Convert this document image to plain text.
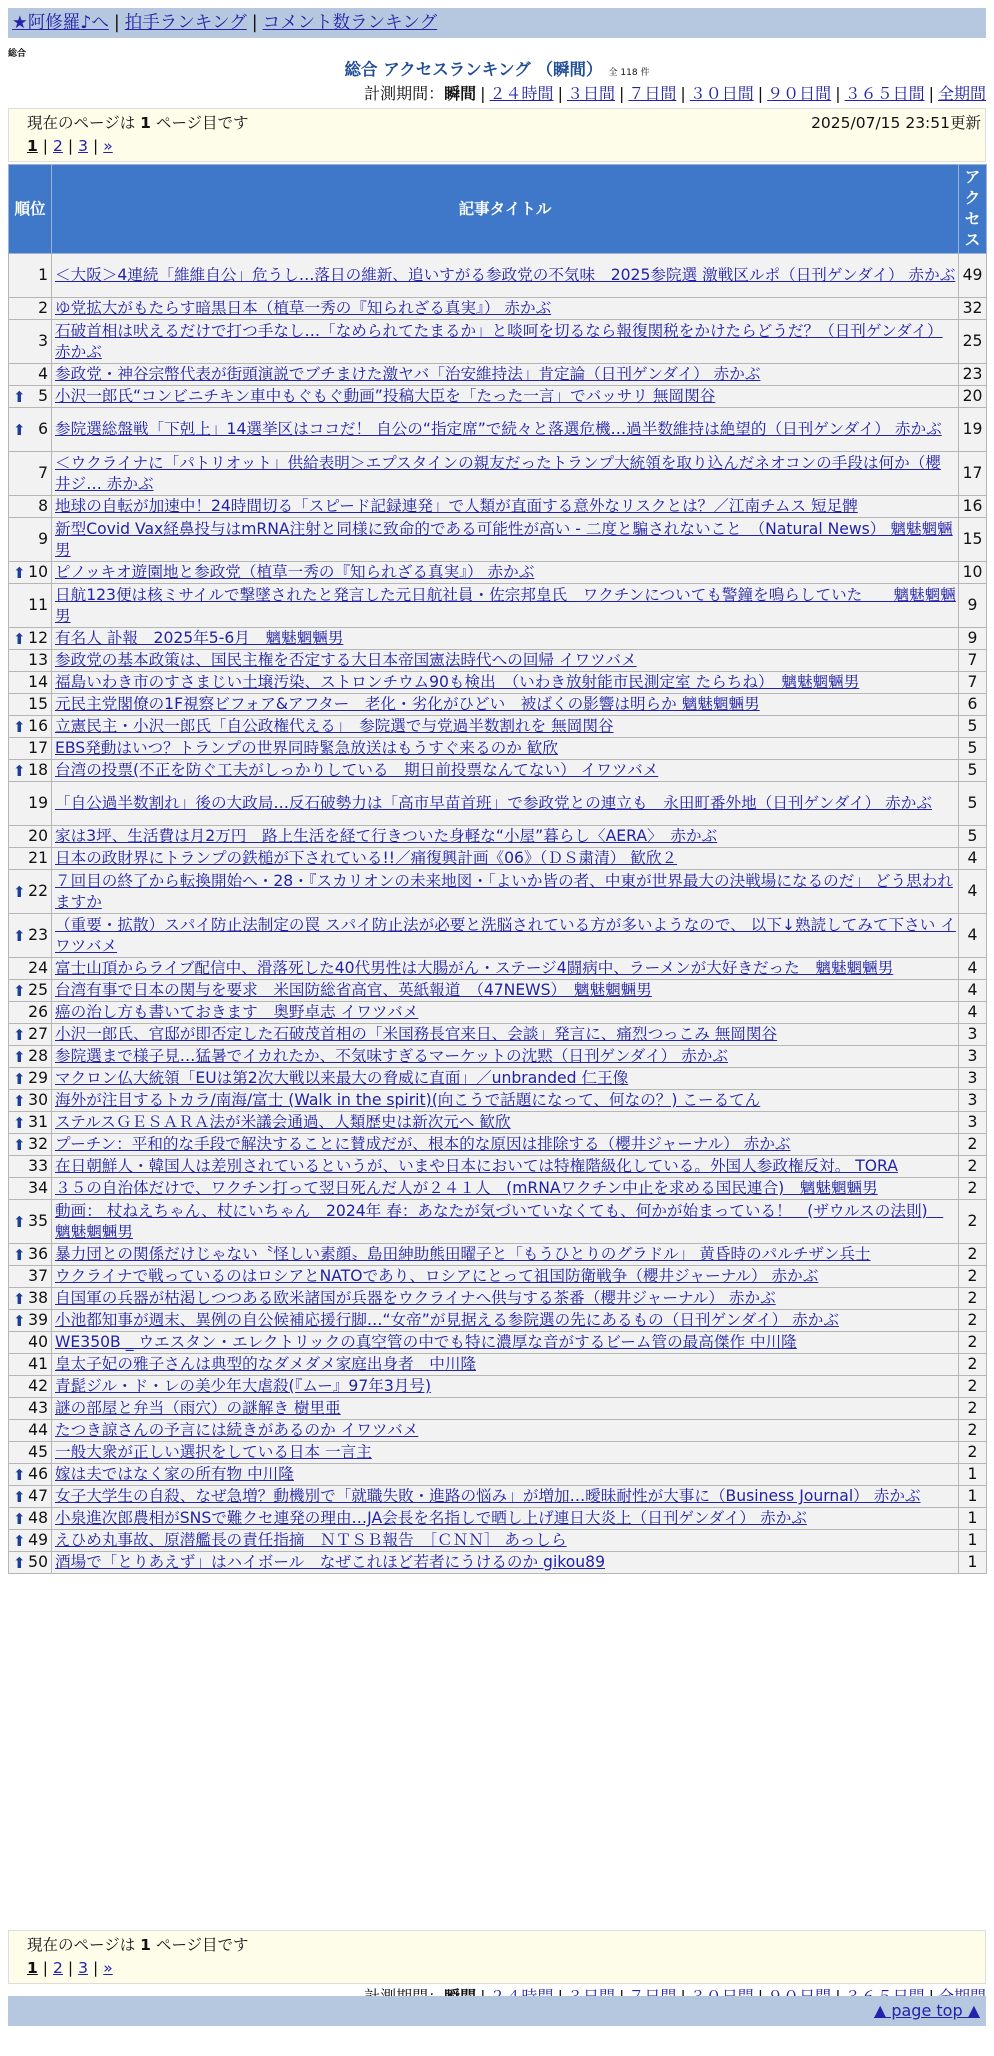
★阿修羅♪へ | 拍手ランキング | コメント数ランキング
総合
総合 アクセスランキング （瞬間） 全 118 件
計測期間：瞬間 | ２４時間 | ３日間 | ７日間 | ３０日間 | ９０日間 | ３６５日間 | 全期間
現在のページは 1 ページ目です	2025/07/15 23:51更新
1 | 2 | 3 | »
順位	記事タイトル	アクセス
1	＜大阪＞4連続「維維自公」危うし…落日の維新、追いすがる参政党の不気味　2025参院選 激戦区ルポ（日刊ゲンダイ） 赤かぶ	49
2	ゆ党拡大がもたらす暗黒日本（植草一秀の『知られざる真実』） 赤かぶ	32
3	石破首相は吠えるだけで打つ手なし…「なめられてたまるか」と啖呵を切るなら報復関税をかけたらどうだ？（日刊ゲンダイ） 赤かぶ	25
4	参政党・神谷宗幣代表が街頭演説でブチまけた激ヤバ「治安維持法」肯定論（日刊ゲンダイ） 赤かぶ	23

⬆ 5	小沢一郎氏“コンビニチキン車中もぐもぐ動画”投稿大臣を「たった一言」でバッサリ 無岡関谷	20

⬆ 6	参院選総盤戦「下剋上」14選挙区はココだ！ 自公の“指定席”で続々と落選危機…過半数維持は絶望的（日刊ゲンダイ） 赤かぶ	19
7	＜ウクライナに「パトリオット」供給表明＞エプスタインの親友だったトランプ大統領を取り込んだネオコンの手段は何か（櫻井ジ… 赤かぶ	17
8	地球の自転が加速中！24時間切る「スピード記録連発」で人類が直面する意外なリスクとは？／江南チムス 短足髀	16
9	新型Covid Vax経鼻投与はmRNA注射と同様に致命的である可能性が高い - 二度と騙されないこと　（Natural News） 魑魅魍魎男	15

⬆ 10	ピノッキオ遊園地と参政党（植草一秀の『知られざる真実』） 赤かぶ	10
11	日航123便は核ミサイルで撃墜されたと発言した元日航社員・佐宗邦皇氏　ワクチンについても警鐘を鳴らしていた　　魑魅魍魎男	9

⬆ 12	有名人 訃報　2025年5-6月　魑魅魍魎男	9
13	参政党の基本政策は、国民主権を否定する大日本帝国憲法時代への回帰 イワツバメ	7
14	福島いわき市のすさまじい土壌汚染、ストロンチウム90も検出　（いわき放射能市民測定室 たらちね）　魑魅魍魎男	7
15	元民主党閣僚の1F視察ビフォア&アフター　老化・劣化がひどい　被ばくの影響は明らか 魑魅魍魎男	6

⬆ 16	立憲民主・小沢一郎氏「自公政権代える」　参院選で与党過半数割れを 無岡関谷	5
17	EBS発動はいつ？トランプの世界同時緊急放送はもうすぐ来るのか 歓欣	5

⬆ 18	台湾の投票(不正を防ぐ工夫がしっかりしている　期日前投票なんてない） イワツバメ	5
19	「自公過半数割れ」後の大政局…反石破勢力は「高市早苗首班」で参政党との連立も　永田町番外地（日刊ゲンダイ） 赤かぶ	5
20	家は3坪、生活費は月2万円　路上生活を経て行きついた身軽な“小屋”暮らし〈AERA〉　赤かぶ	5
21	日本の政財界にトランプの鉄槌が下されている!!／痛復興計画《06》（ＤＳ粛清） 歓欣２	4

⬆ 22	７回目の終了から転換開始へ・28・『スカリオンの未来地図・「よいか皆の者、中東が世界最大の決戦場になるのだ」 どう思われますか	4

⬆ 23	（重要・拡散）スパイ防止法制定の罠 スパイ防止法が必要と洗脳されている方が多いようなので、 以下↓熟読してみて下さい イワツバメ	4
24	富士山頂からライブ配信中、滑落死した40代男性は大腸がん・ステージ4闘病中、ラーメンが大好きだった　魑魅魍魎男	4

⬆ 25	台湾有事で日本の関与を要求　米国防総省高官、英紙報道　（47NEWS）　魑魅魍魎男	4
26	癌の治し方も書いておきます　奥野卓志 イワツバメ	4

⬆ 27	小沢一郎氏、官邸が即否定した石破茂首相の「米国務長官来日、会談」発言に、痛烈つっこみ 無岡関谷	3

⬆ 28	参院選まで様子見…猛暑でイカれたか、不気味すぎるマーケットの沈黙（日刊ゲンダイ） 赤かぶ	3

⬆ 29	マクロン仏大統領「EUは第2次大戦以来最大の脅威に直面」／unbranded 仁王像	3

⬆ 30	海外が注目するトカラ/南海/富士 (Walk in the spirit)(向こうで話題になって、何なの？) こーるてん	3

⬆ 31	ステルスＧＥＳＡＲＡ法が米議会通過、人類歴史は新次元へ 歓欣	3

⬆ 32	プーチン：平和的な手段で解決することに賛成だが、根本的な原因は排除する（櫻井ジャーナル） 赤かぶ	2
33	在日朝鮮人・韓国人は差別されているというが、いまや日本においては特権階級化している。外国人参政権反対。 TORA	2
34	３５の自治体だけで、ワクチン打って翌日死んだ人が２４１人　(mRNAワクチン中止を求める国民連合)　魑魅魍魎男	2

⬆ 35	動画： 杖ねえちゃん、杖にいちゃん　2024年 春：あなたが気づいていなくても、何かが始まっている！　(ザウルスの法則)　魑魅魍魎男	2

⬆ 36	暴力団との関係だけじゃない〝怪しい素顔〟島田紳助熊田曜子と「もうひとりのグラドル」 黄昏時のパルチザン兵士	2
37	ウクライナで戦っているのはロシアとNATOであり、ロシアにとって祖国防衛戦争（櫻井ジャーナル） 赤かぶ	2

⬆ 38	自国軍の兵器が枯渇しつつある欧米諸国が兵器をウクライナへ供与する茶番（櫻井ジャーナル） 赤かぶ	2

⬆ 39	小池都知事が週末、異例の自公候補応援行脚…“女帝”が見据える参院選の先にあるもの（日刊ゲンダイ） 赤かぶ	2
40	WE350B _ ウエスタン・エレクトリックの真空管の中でも特に濃厚な音がするビーム管の最高傑作 中川隆	2
41	皇太子妃の雅子さんは典型的なダメダメ家庭出身者　中川隆	2
42	青髭ジル・ド・レの美少年大虐殺(『ムー』97年3月号)	2
43	謎の部屋と弁当（雨穴）の謎解き 樹里亜	2
44	たつき諒さんの予言には続きがあるのか イワツバメ	2
45	一般大衆が正しい選択をしている日本 一言主	2

⬆ 46	嫁は夫ではなく家の所有物 中川隆	1

⬆ 47	女子大学生の自殺、なぜ急増？動機別で「就職失敗・進路の悩み」が増加…曖昧耐性が大事に（Business Journal） 赤かぶ	1

⬆ 48	小泉進次郎農相がSNSで難クセ連発の理由…JA会長を名指しで晒し上げ連日大炎上（日刊ゲンダイ） 赤かぶ	1

⬆ 49	えひめ丸事故、原潜艦長の責任指摘　ＮＴＳＢ報告　［ＣＮＮ］ あっしら	1

⬆ 50	酒場で「とりあえず」はハイボール　なぜこれほど若者にうけるのか gikou89	1
現在のページは 1 ページ目です
1 | 2 | 3 | »
▲ page top ▲
